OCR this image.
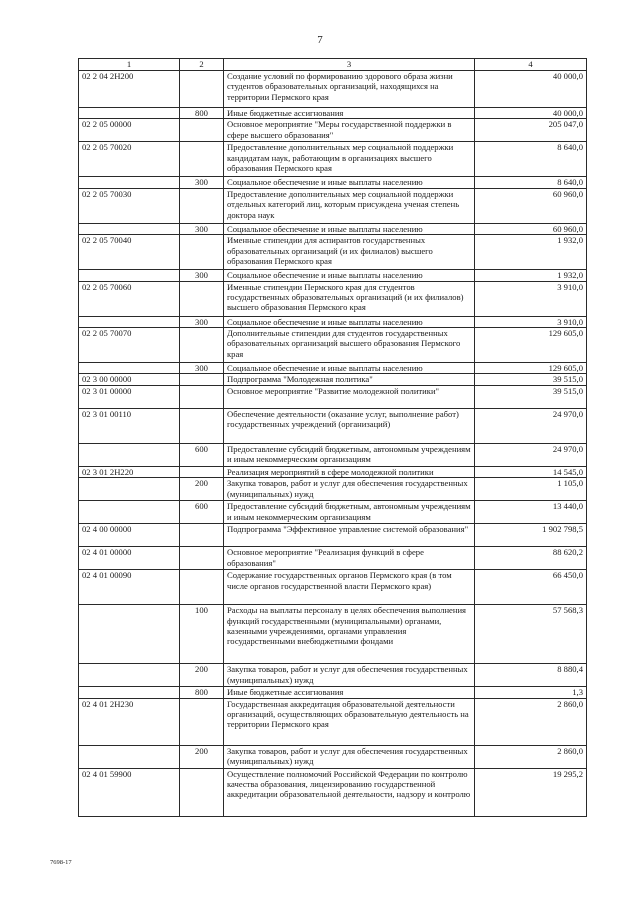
7
1	2	3	4
02 2 04 2Н200		Создание условий по формированию здорового образа жизни студентов образовательных организаций, находящихся на территории Пермского края	40 000,0
	800	Иные бюджетные ассигнования	40 000,0
02 2 05 00000		Основное мероприятие "Меры государственной поддержки в сфере высшего образования"	205 047,0
02 2 05 70020		Предоставление дополнительных мер социальной поддержки кандидатам наук, работающим в организациях высшего образования Пермского края	8 640,0
	300	Социальное обеспечение и иные выплаты населению	8 640,0
02 2 05 70030		Предоставление дополнительных мер социальной поддержки отдельных категорий лиц, которым присуждена ученая степень доктора наук	60 960,0
	300	Социальное обеспечение и иные выплаты населению	60 960,0
02 2 05 70040		Именные стипендии для аспирантов государственных образовательных организаций (и их филиалов) высшего образования Пермского края	1 932,0
	300	Социальное обеспечение и иные выплаты населению	1 932,0
02 2 05 70060		Именные стипендии Пермского края для студентов государственных образовательных организаций (и их филиалов) высшего образования Пермского края	3 910,0
	300	Социальное обеспечение и иные выплаты населению	3 910,0
02 2 05 70070		Дополнительные стипендии для студентов государственных образовательных организаций высшего образования Пермского края	129 605,0
	300	Социальное обеспечение и иные выплаты населению	129 605,0
02 3 00 00000		Подпрограмма "Молодежная политика"	39 515,0
02 3 01 00000		Основное мероприятие "Развитие молодежной политики"	39 515,0
02 3 01 00110		Обеспечение деятельности (оказание услуг, выполнение работ) государственных учреждений (организаций)	24 970,0
	600	Предоставление субсидий бюджетным, автономным учреждениям и иным некоммерческим организациям	24 970,0
02 3 01 2Н220		Реализация мероприятий в сфере молодежной политики	14 545,0
	200	Закупка товаров, работ и услуг для обеспечения государственных (муниципальных) нужд	1 105,0
	600	Предоставление субсидий бюджетным, автономным учреждениям и иным некоммерческим организациям	13 440,0
02 4 00 00000		Подпрограмма "Эффективное управление системой образования"	1 902 798,5
02 4 01 00000		Основное мероприятие "Реализация функций в сфере образования"	88 620,2
02 4 01 00090		Содержание государственных органов Пермского края (в том числе органов государственной власти Пермского края)	66 450,0
	100	Расходы на выплаты персоналу в целях обеспечения выполнения функций государственными (муниципальными) органами, казенными учреждениями, органами управления государственными внебюджетными фондами	57 568,3
	200	Закупка товаров, работ и услуг для обеспечения государственных (муниципальных) нужд	8 880,4
	800	Иные бюджетные ассигнования	1,3
02 4 01 2Н230		Государственная аккредитация образовательной деятельности организаций, осуществляющих образовательную деятельность на территории Пермского края	2 860,0
	200	Закупка товаров, работ и услуг для обеспечения государственных (муниципальных) нужд	2 860,0
02 4 01 59900		Осуществление полномочий Российской Федерации по контролю качества образования, лицензированию государственной аккредитации образовательной деятельности, надзору и контролю	19 295,2
7698-17
